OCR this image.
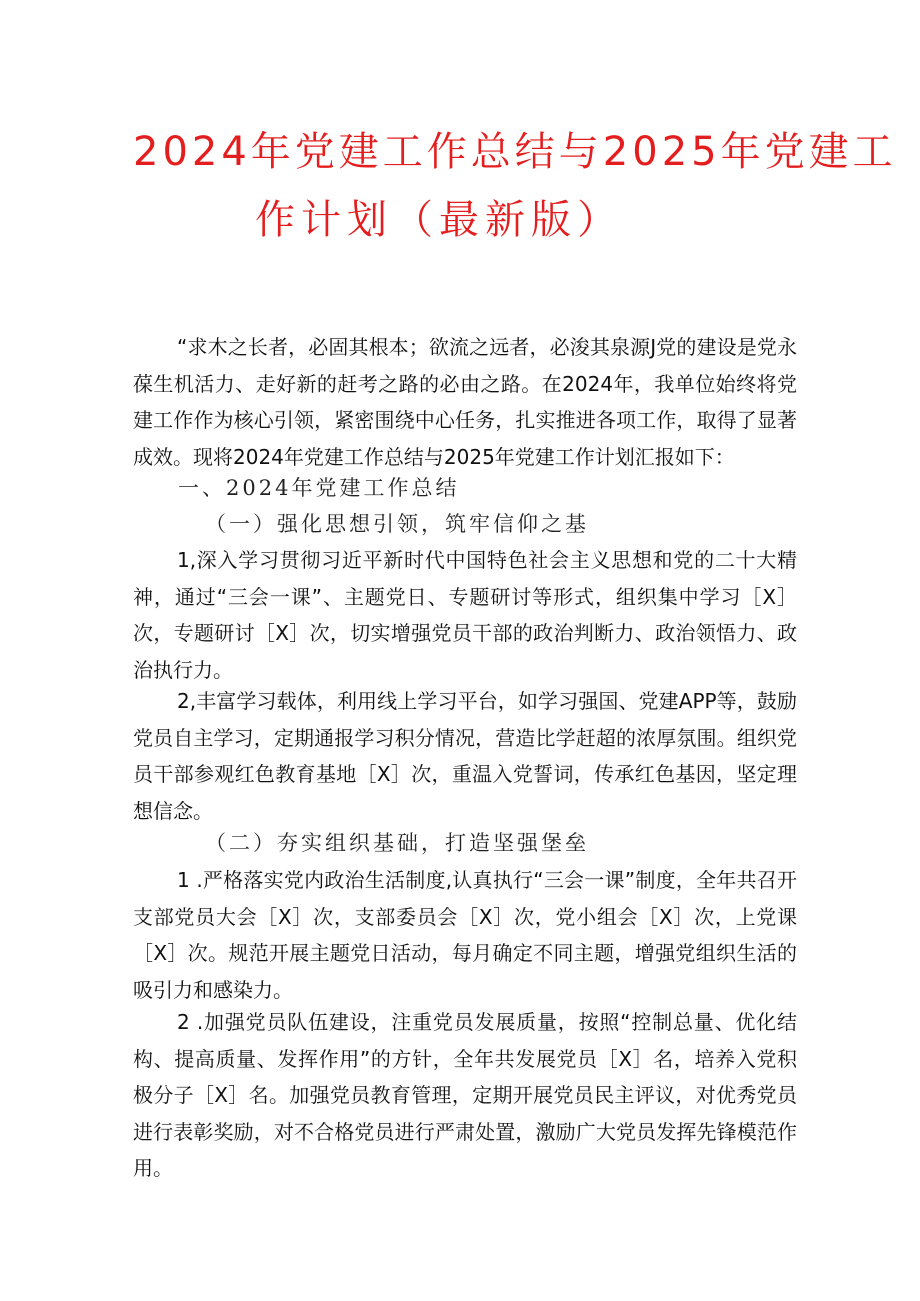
2024年党建工作总结与2025年党建工
作计划（最新版）
“求木之长者，必固其根本；欲流之远者，必浚其泉源J党的建设是党永葆生机活力、走好新的赶考之路的必由之路。在2024年，我单位始终将党建工作作为核心引领，紧密围绕中心任务，扎实推进各项工作，取得了显著成效。现将2024年党建工作总结与2025年党建工作计划汇报如下：
一、2024年党建工作总结
（一）强化思想引领，筑牢信仰之基
1,深入学习贯彻习近平新时代中国特色社会主义思想和党的二十大精神，通过“三会一课”、主题党日、专题研讨等形式，组织集中学习［X］次，专题研讨［X］次，切实增强党员干部的政治判断力、政治领悟力、政治执行力。
2,丰富学习载体，利用线上学习平台，如学习强国、党建APP等，鼓励党员自主学习，定期通报学习积分情况，营造比学赶超的浓厚氛围。组织党员干部参观红色教育基地［X］次，重温入党誓词，传承红色基因，坚定理想信念。
（二）夯实组织基础，打造坚强堡垒
1 .严格落实党内政治生活制度,认真执行“三会一课”制度，全年共召开支部党员大会［X］次，支部委员会［X］次，党小组会［X］次，上党课［X］次。规范开展主题党日活动，每月确定不同主题，增强党组织生活的吸引力和感染力。
2 .加强党员队伍建设，注重党员发展质量，按照“控制总量、优化结构、提高质量、发挥作用”的方针，全年共发展党员［X］名，培养入党积极分子［X］名。加强党员教育管理，定期开展党员民主评议，对优秀党员进行表彰奖励，对不合格党员进行严肃处置，激励广大党员发挥先锋模范作用。
